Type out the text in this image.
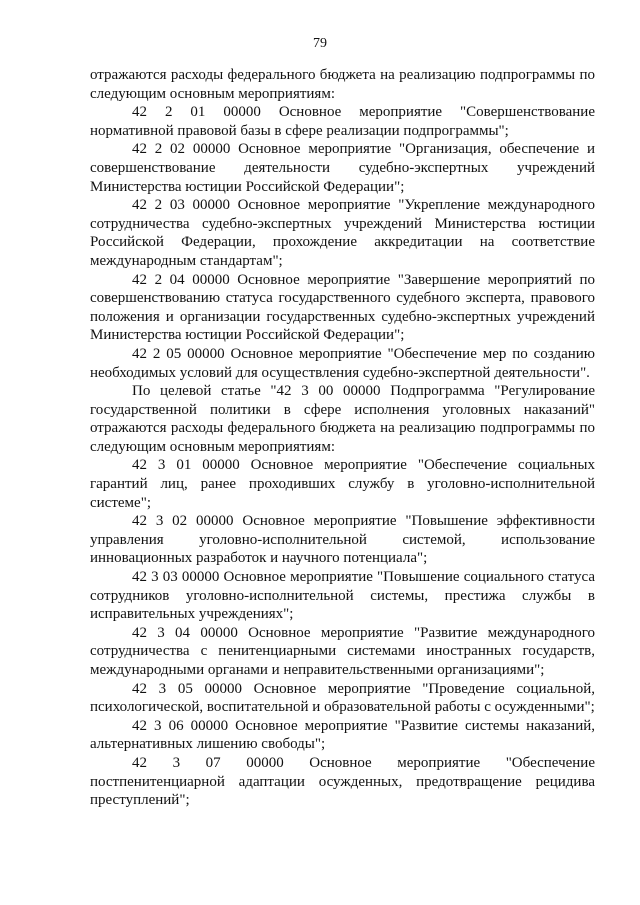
79

отражаются расходы федерального бюджета на реализацию подпрограммы по следующим основным мероприятиям:

42 2 01 00000 Основное мероприятие "Совершенствование нормативной правовой базы в сфере реализации подпрограммы";

42 2 02 00000 Основное мероприятие "Организация, обеспечение и совершенствование деятельности судебно-экспертных учреждений Министерства юстиции Российской Федерации";

42 2 03 00000 Основное мероприятие "Укрепление международного сотрудничества судебно-экспертных учреждений Министерства юстиции Российской Федерации, прохождение аккредитации на соответствие международным стандартам";

42 2 04 00000 Основное мероприятие "Завершение мероприятий по совершенствованию статуса государственного судебного эксперта, правового положения и организации государственных судебно-экспертных учреждений Министерства юстиции Российской Федерации";

42 2 05 00000 Основное мероприятие "Обеспечение мер по созданию необходимых условий для осуществления судебно-экспертной деятельности".

По целевой статье "42 3 00 00000 Подпрограмма "Регулирование государственной политики в сфере исполнения уголовных наказаний" отражаются расходы федерального бюджета на реализацию подпрограммы по следующим основным мероприятиям:

42 3 01 00000 Основное мероприятие "Обеспечение социальных гарантий лиц, ранее проходивших службу в уголовно-исполнительной системе";

42 3 02 00000 Основное мероприятие "Повышение эффективности управления уголовно-исполнительной системой, использование инновационных разработок и научного потенциала";

42 3 03 00000 Основное мероприятие "Повышение социального статуса сотрудников уголовно-исполнительной системы, престижа службы в исправительных учреждениях";

42 3 04 00000 Основное мероприятие "Развитие международного сотрудничества с пенитенциарными системами иностранных государств, международными органами и неправительственными организациями";

42 3 05 00000 Основное мероприятие "Проведение социальной, психологической, воспитательной и образовательной работы с осужденными";

42 3 06 00000 Основное мероприятие "Развитие системы наказаний, альтернативных лишению свободы";

42 3 07 00000 Основное мероприятие "Обеспечение постпенитенциарной адаптации осужденных, предотвращение рецидива преступлений";
